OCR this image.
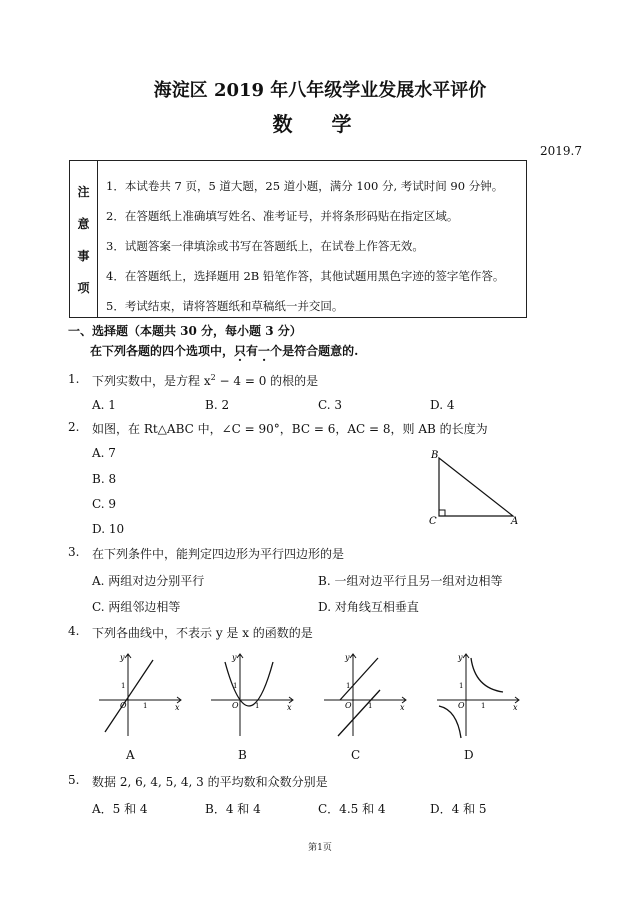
海淀区 2019 年八年级学业发展水平评价
数 学
2019.7
注
意
事
项
1．本试卷共 7 页，5 道大题，25 道小题，满分 100 分, 考试时间 90 分钟。
2．在答题纸上准确填写姓名、准考证号，并将条形码贴在指定区域。
3．试题答案一律填涂或书写在答题纸上，在试卷上作答无效。
4．在答题纸上，选择题用 2B 铅笔作答，其他试题用黑色字迹的签字笔作答。
5．考试结束，请将答题纸和草稿纸一并交回。
一、选择题（本题共 30 分，每小题 3 分）
在下列各题的四个选项中，只有一个是符合题意的.
1. 下列实数中，是方程 $x^2 - 4 = 0$ 的根的是
A. 1	B. 2	C. 3	D. 4
2. 如图，在 Rt△ABC 中，∠C = 90°，BC = 6，AC = 8，则 AB 的长度为
A. 7
B. 8
C. 9
D. 10
B
C	A
3. 在下列条件中，能判定四边形为平行四边形的是
A. 两组对边分别平行	B. 一组对边平行且另一组对边相等
C. 两组邻边相等	D. 对角线互相垂直
4. 下列各曲线中，不表示 y 是 x 的函数的是
y
x
O
1
1
A
y
x
O
1
1
B
y
x
O
1
1
C
y
x
O
1
1
D
5. 数据 2, 6, 4, 5, 4, 3 的平均数和众数分别是
A．5 和 4	B．4 和 4	C．4.5 和 4	D．4 和 5
第1页
